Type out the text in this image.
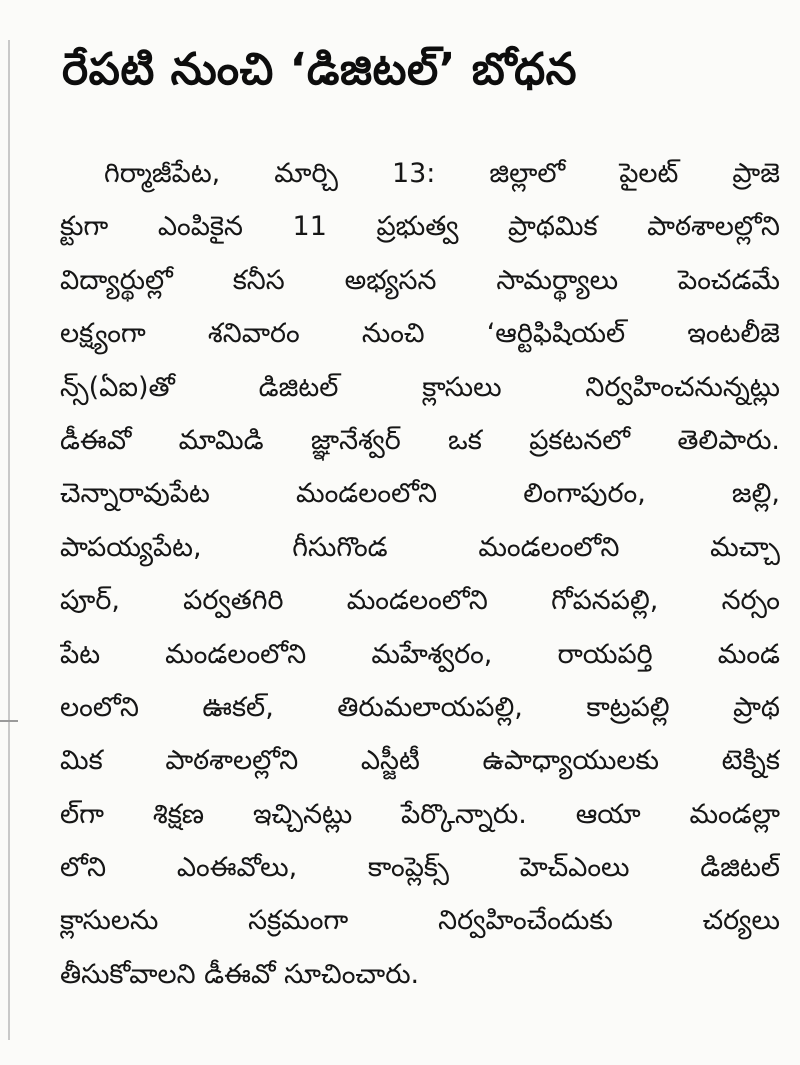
రేపటి నుంచి ‘డిజిటల్’ బోధన
గిర్మాజీపేట, మార్చి 13: జిల్లాలో పైలట్ ప్రాజె
క్టుగా ఎంపికైన 11 ప్రభుత్వ ప్రాథమిక పాఠశాలల్లోని
విద్యార్థుల్లో కనీస అభ్యసన సామర్థ్యాలు పెంచడమే
లక్ష్యంగా శనివారం నుంచి ‘ఆర్టిఫిషియల్ ఇంటలీజె
న్స్(ఏఐ)తో డిజిటల్ క్లాసులు నిర్వహించనున్నట్లు
డీఈవో మామిడి జ్ఞానేశ్వర్ ఒక ప్రకటనలో తెలిపారు.
చెన్నారావుపేట మండలంలోని లింగాపురం, జల్లి,
పాపయ్యపేట, గీసుగొండ మండలంలోని మచ్చా
పూర్, పర్వతగిరి మండలంలోని గోపనపల్లి, నర్సం
పేట మండలంలోని మహేశ్వరం, రాయపర్తి మండ
లంలోని ఊకల్, తిరుమలాయపల్లి, కాట్రపల్లి ప్రాథ
మిక పాఠశాలల్లోని ఎస్జీటీ ఉపాధ్యాయులకు టెక్నిక
ల్‌గా శిక్షణ ఇచ్చినట్లు పేర్కొన్నారు. ఆయా మండల్లా
లోని ఎంఈవోలు, కాంప్లెక్స్ హెచ్‌ఎంలు డిజిటల్
క్లాసులను సక్రమంగా నిర్వహించేందుకు చర్యలు
తీసుకోవాలని డీఈవో సూచించారు.
